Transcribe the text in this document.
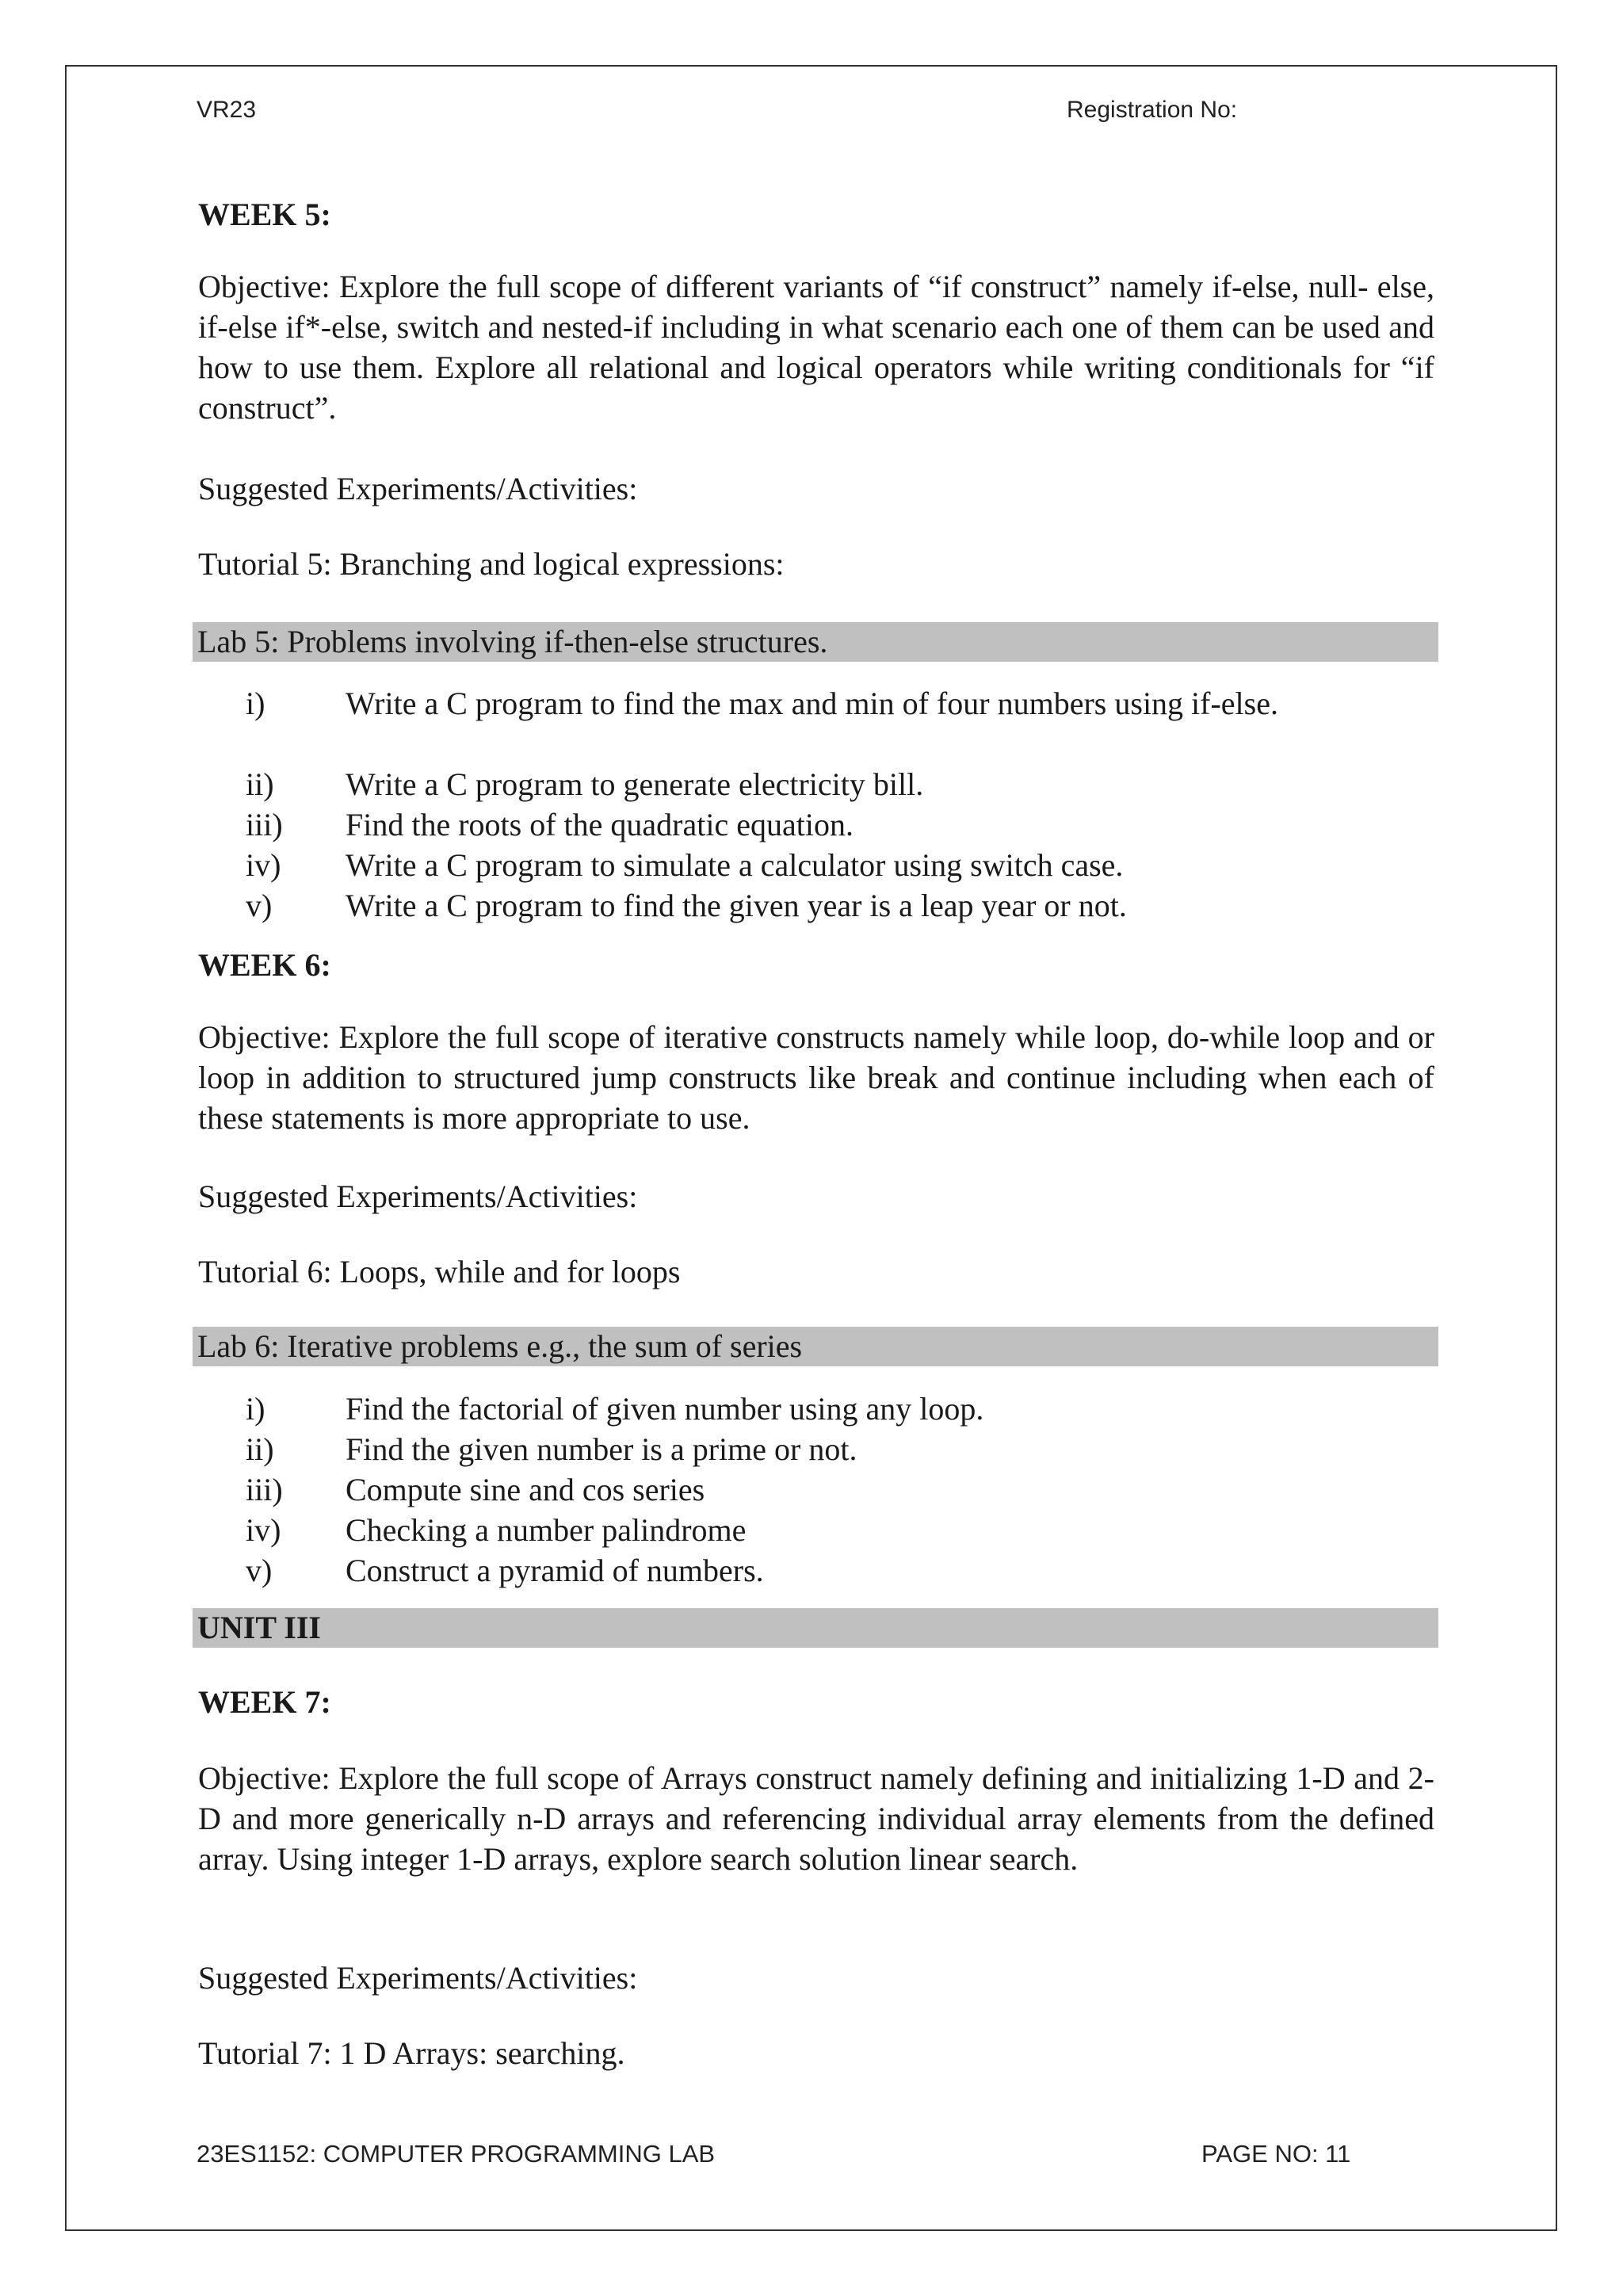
VR23	Registration No:
WEEK 5:
Objective: Explore the full scope of different variants of “if construct” namely if-else, null- else, if-else if*-else, switch and nested-if including in what scenario each one of them can be used and how to use them. Explore all relational and logical operators while writing conditionals for “if construct”.
Suggested Experiments/Activities:
Tutorial 5: Branching and logical expressions:
Lab 5: Problems involving if-then-else structures.
i)	Write a C program to find the max and min of four numbers using if-else.
ii) Write a C program to generate electricity bill.
iii) Find the roots of the quadratic equation.
iv) Write a C program to simulate a calculator using switch case.
v) Write a C program to find the given year is a leap year or not.
WEEK 6:
Objective: Explore the full scope of iterative constructs namely while loop, do-while loop and or loop in addition to structured jump constructs like break and continue including when each of these statements is more appropriate to use.
Suggested Experiments/Activities:
Tutorial 6: Loops, while and for loops
Lab 6: Iterative problems e.g., the sum of series
i)	Find the factorial of given number using any loop.
ii) Find the given number is a prime or not.
iii) Compute sine and cos series
iv) Checking a number palindrome
v) Construct a pyramid of numbers.
UNIT III
WEEK 7:
Objective: Explore the full scope of Arrays construct namely defining and initializing 1-D and 2-D and more generically n-D arrays and referencing individual array elements from the defined array. Using integer 1-D arrays, explore search solution linear search.
Suggested Experiments/Activities:
Tutorial 7: 1 D Arrays: searching.
23ES1152: COMPUTER PROGRAMMING LAB	PAGE NO: 11
